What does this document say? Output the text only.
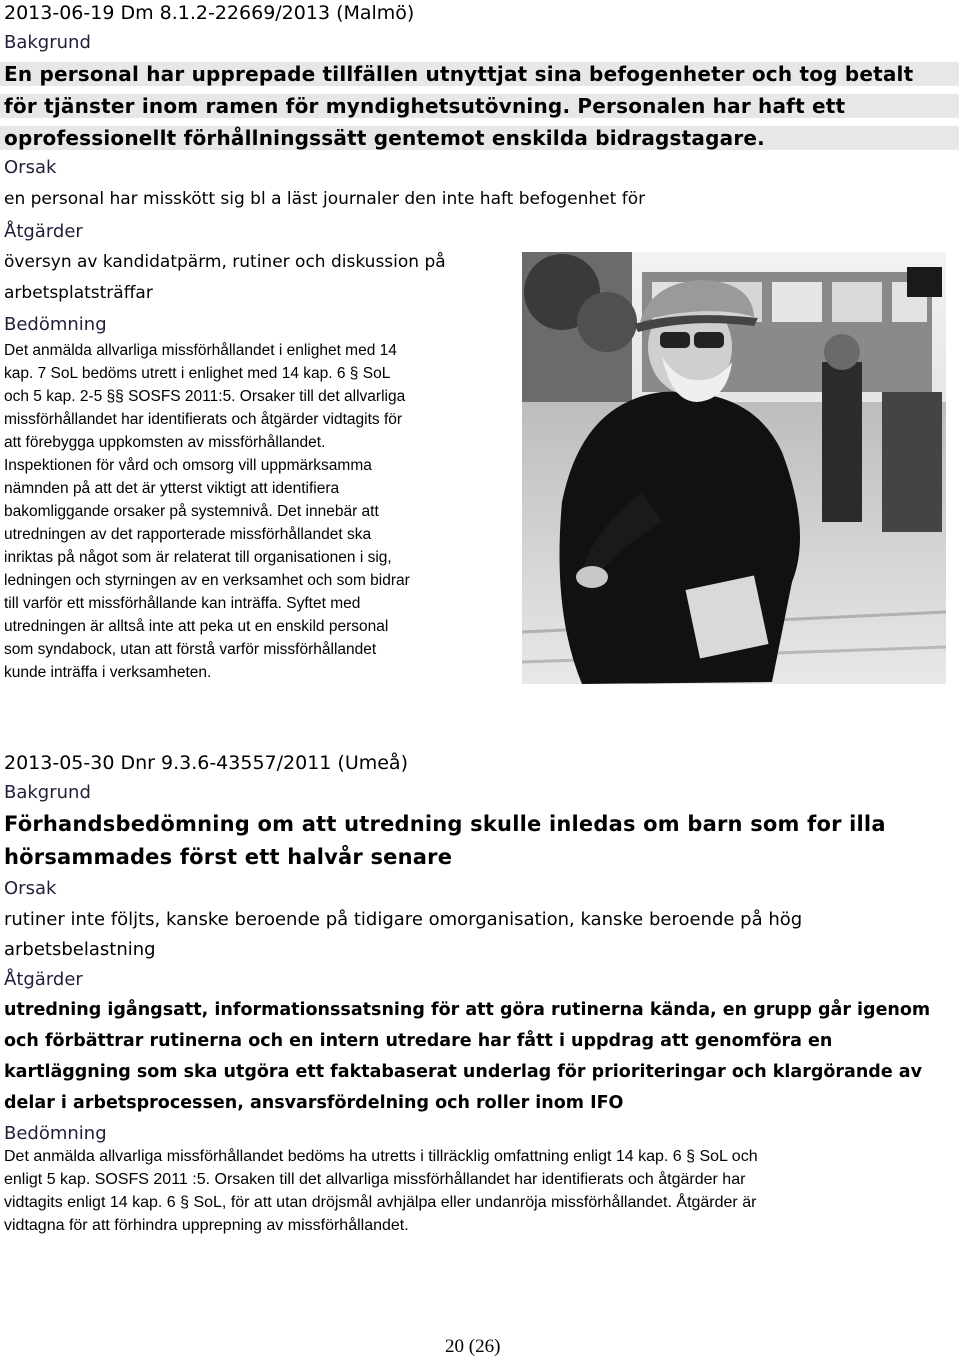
2013-06-19 Dm 8.1.2-22669/2013 (Malmö)
Bakgrund
En personal har upprepade tillfällen utnyttjat sina befogenheter och tog betalt
för tjänster inom ramen för myndighetsutövning. Personalen har haft ett
oprofessionellt förhållningssätt gentemot enskilda bidragstagare.
Orsak
en personal har misskött sig bl a läst journaler den inte haft befogenhet för
Åtgärder
översyn av kandidatpärm, rutiner och diskussion på
arbetsplatsträffar
Bedömning
Det anmälda allvarliga missförhållandet i enlighet med 14
kap. 7 SoL bedöms utrett i enlighet med 14 kap. 6 § SoL
och 5 kap. 2-5 §§ SOSFS 2011:5. Orsaker till det allvarliga
missförhållandet har identifierats och åtgärder vidtagits för
att förebygga uppkomsten av missförhållandet.
Inspektionen för vård och omsorg vill uppmärksamma
nämnden på att det är ytterst viktigt att identifiera
bakomliggande orsaker på systemnivå. Det innebär att
utredningen av det rapporterade missförhållandet ska
inriktas på något som är relaterat till organisationen i sig,
ledningen och styrningen av en verksamhet och som bidrar
till varför ett missförhållande kan inträffa. Syftet med
utredningen är alltså inte att peka ut en enskild personal
som syndabock, utan att förstå varför missförhållandet
kunde inträffa i verksamheten.
2013-05-30 Dnr 9.3.6-43557/2011 (Umeå)
Bakgrund
Förhandsbedömning om att utredning skulle inledas om barn som for illa
hörsammades först ett halvår senare
Orsak
rutiner inte följts, kanske beroende på tidigare omorganisation, kanske beroende på hög
arbetsbelastning
Åtgärder
utredning igångsatt, informationssatsning för att göra rutinerna kända, en grupp går igenom
och förbättrar rutinerna och en intern utredare har fått i uppdrag att genomföra en
kartläggning som ska utgöra ett faktabaserat underlag för prioriteringar och klargörande av
delar i arbetsprocessen, ansvarsfördelning och roller inom IFO
Bedömning
Det anmälda allvarliga missförhållandet bedöms ha utretts i tillräcklig omfattning enligt 14 kap. 6 § SoL och
enligt 5 kap. SOSFS 2011 :5. Orsaken till det allvarliga missförhållandet har identifierats och åtgärder har
vidtagits enligt 14 kap. 6 § SoL, för att utan dröjsmål avhjälpa eller undanröja missförhållandet. Åtgärder är
vidtagna för att förhindra upprepning av missförhållandet.
20 (26)
